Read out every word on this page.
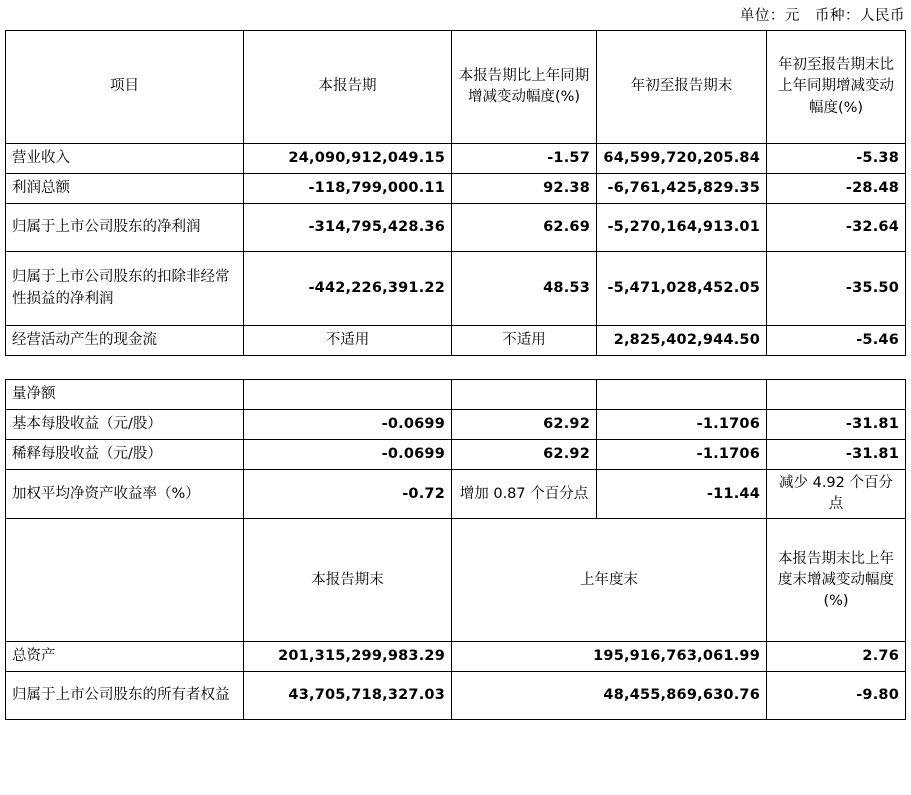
单位：元 币种：人民币
项目	本报告期	本报告期比上年同期增减变动幅度(%)	年初至报告期末	年初至报告期末比上年同期增减变动幅度(%)
营业收入	24,090,912,049.15	-1.57	64,599,720,205.84	-5.38
利润总额	-118,799,000.11	92.38	-6,761,425,829.35	-28.48
归属于上市公司股东的净利润	-314,795,428.36	62.69	-5,270,164,913.01	-32.64
归属于上市公司股东的扣除非经常性损益的净利润	-442,226,391.22	48.53	-5,471,028,452.05	-35.50
经营活动产生的现金流	不适用	不适用	2,825,402,944.50	-5.46

量净额				
基本每股收益（元/股）	-0.0699	62.92	-1.1706	-31.81
稀释每股收益（元/股）	-0.0699	62.92	-1.1706	-31.81
加权平均净资产收益率（%）	-0.72	增加 0.87 个百分点	-11.44	减少 4.92 个百分点
	本报告期末	上年度末		本报告期末比上年度末增减变动幅度(%)
总资产	201,315,299,983.29	195,916,763,061.99		2.76
归属于上市公司股东的所有者权益	43,705,718,327.03	48,455,869,630.76		-9.80
